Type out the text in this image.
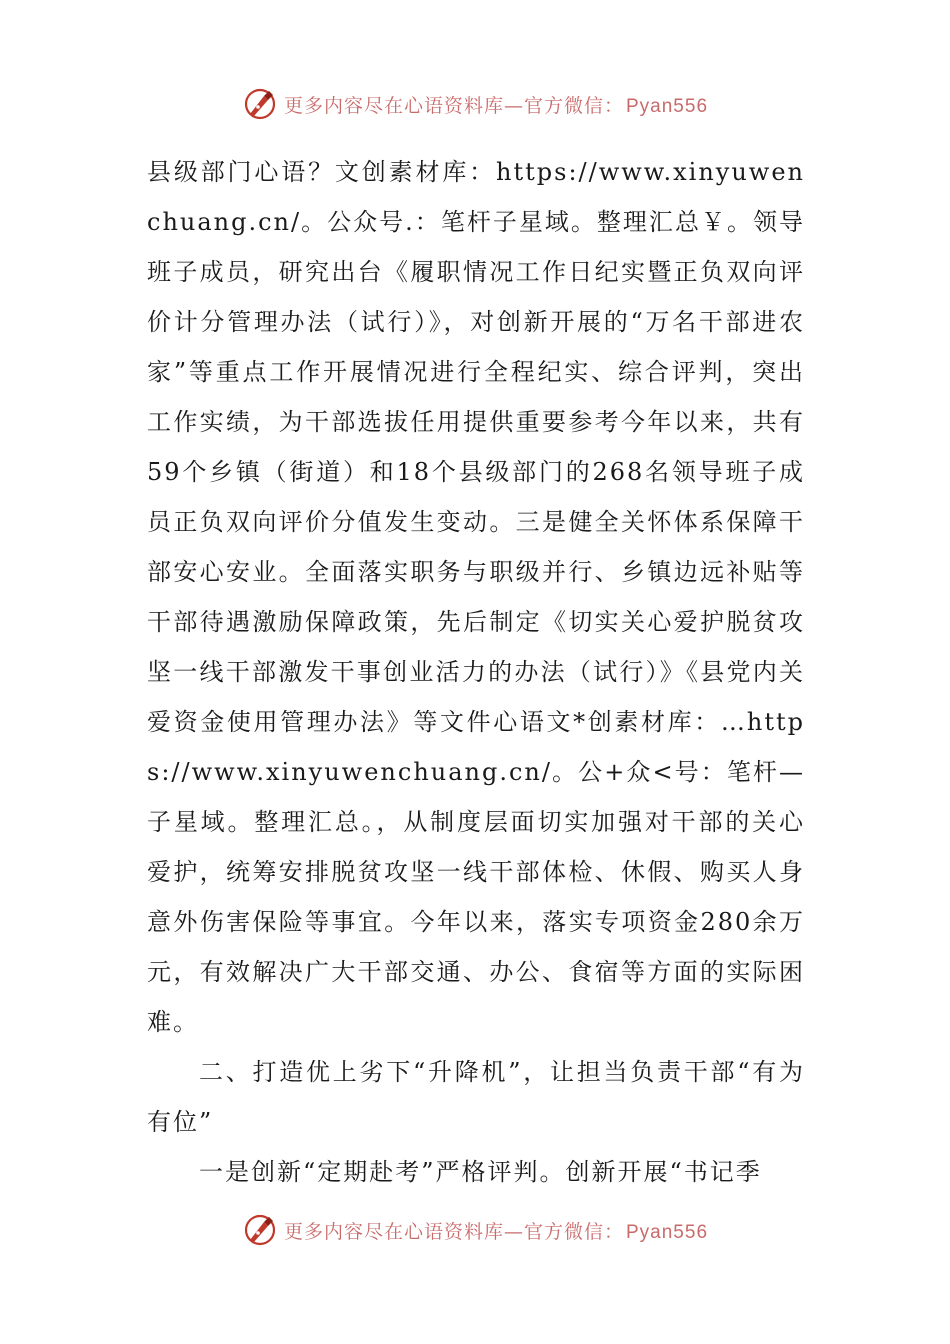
更多内容尽在心语资料库—官方微信： Pyan556

县级部门心语？文创素材库：https://www.xinyuwenchuang.cn/。公众号.：笔杆子星域。整理汇总￥。领导班子成员，研究出台《履职情况工作日纪实暨正负双向评价计分管理办法（试行）》，对创新开展的“万名干部进农家”等重点工作开展情况进行全程纪实、综合评判，突出工作实绩，为干部选拔任用提供重要参考今年以来，共有59个乡镇（街道）和18个县级部门的268名领导班子成员正负双向评价分值发生变动。三是健全关怀体系保障干部安心安业。全面落实职务与职级并行、乡镇边远补贴等干部待遇激励保障政策，先后制定《切实关心爱护脱贫攻坚一线干部激发干事创业活力的办法（试行）》《县党内关爱资金使用管理办法》等文件心语文*创素材库：…https://www.xinyuwenchuang.cn/。公+众<号：笔杆—子星域。整理汇总。，从制度层面切实加强对干部的关心爱护，统筹安排脱贫攻坚一线干部体检、休假、购买人身意外伤害保险等事宜。今年以来，落实专项资金280余万元，有效解决广大干部交通、办公、食宿等方面的实际困难。

二、打造优上劣下“升降机”，让担当负责干部“有为有位”

一是创新“定期赴考”严格评判。创新开展“书记季

更多内容尽在心语资料库—官方微信： Pyan556
